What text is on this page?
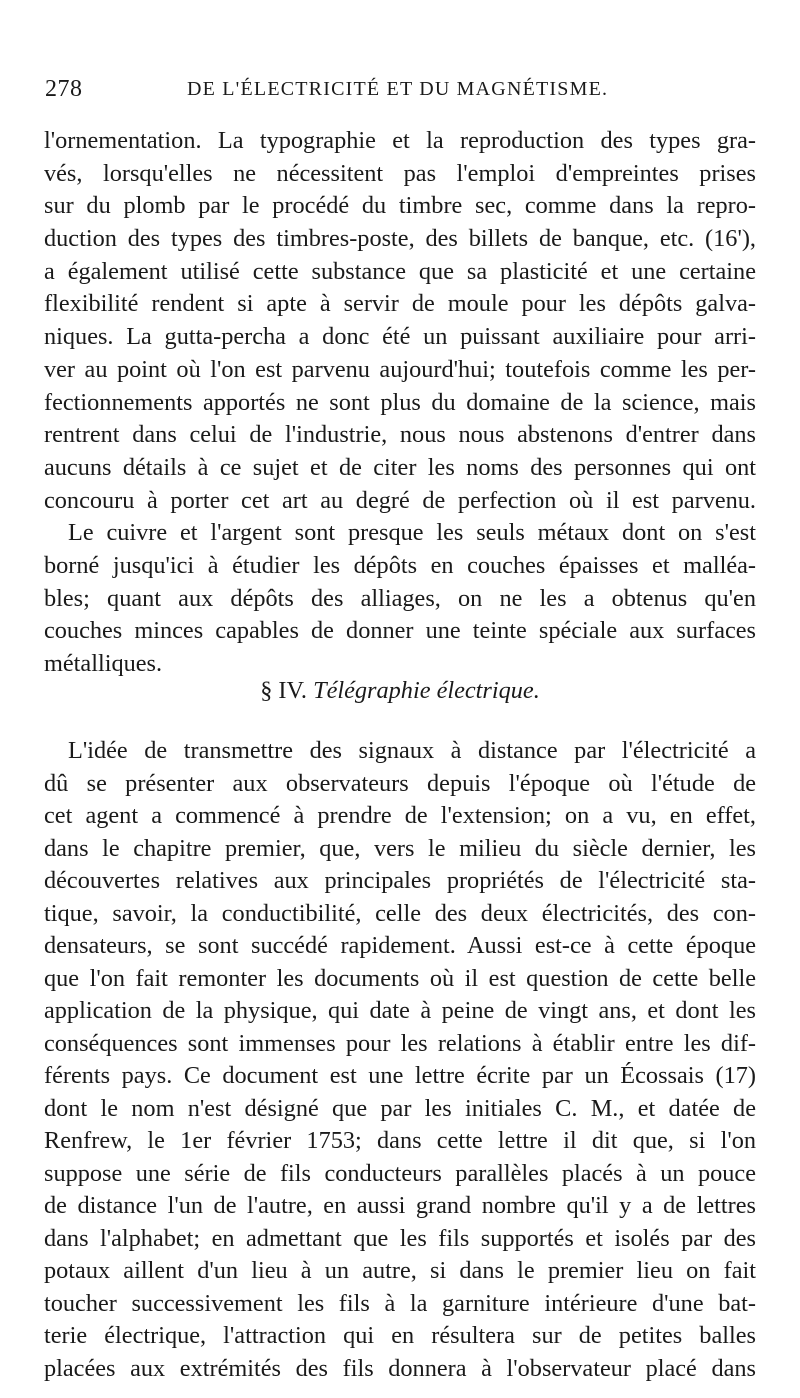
278	DE L'ÉLECTRICITÉ ET DU MAGNÉTISME.
l'ornementation. La typographie et la reproduction des types gra-
vés, lorsqu'elles ne nécessitent pas l'emploi d'empreintes prises
sur du plomb par le procédé du timbre sec, comme dans la repro-
duction des types des timbres-poste, des billets de banque, etc. (16'),
a également utilisé cette substance que sa plasticité et une certaine
flexibilité rendent si apte à servir de moule pour les dépôts galva-
niques. La gutta-percha a donc été un puissant auxiliaire pour arri-
ver au point où l'on est parvenu aujourd'hui; toutefois comme les per-
fectionnements apportés ne sont plus du domaine de la science, mais
rentrent dans celui de l'industrie, nous nous abstenons d'entrer dans
aucuns détails à ce sujet et de citer les noms des personnes qui ont
concouru à porter cet art au degré de perfection où il est parvenu.
Le cuivre et l'argent sont presque les seuls métaux dont on s'est
borné jusqu'ici à étudier les dépôts en couches épaisses et malléa-
bles; quant aux dépôts des alliages, on ne les a obtenus qu'en
couches minces capables de donner une teinte spéciale aux surfaces
métalliques.
§ IV. Télégraphie électrique.
L'idée de transmettre des signaux à distance par l'électricité a
dû se présenter aux observateurs depuis l'époque où l'étude de
cet agent a commencé à prendre de l'extension; on a vu, en effet,
dans le chapitre premier, que, vers le milieu du siècle dernier, les
découvertes relatives aux principales propriétés de l'électricité sta-
tique, savoir, la conductibilité, celle des deux électricités, des con-
densateurs, se sont succédé rapidement. Aussi est-ce à cette époque
que l'on fait remonter les documents où il est question de cette belle
application de la physique, qui date à peine de vingt ans, et dont les
conséquences sont immenses pour les relations à établir entre les dif-
férents pays. Ce document est une lettre écrite par un Écossais (17)
dont le nom n'est désigné que par les initiales C. M., et datée de
Renfrew, le 1er février 1753; dans cette lettre il dit que, si l'on
suppose une série de fils conducteurs parallèles placés à un pouce
de distance l'un de l'autre, en aussi grand nombre qu'il y a de lettres
dans l'alphabet; en admettant que les fils supportés et isolés par des
potaux aillent d'un lieu à un autre, si dans le premier lieu on fait
toucher successivement les fils à la garniture intérieure d'une bat-
terie électrique, l'attraction qui en résultera sur de petites balles
placées aux extrémités des fils donnera à l'observateur placé dans
